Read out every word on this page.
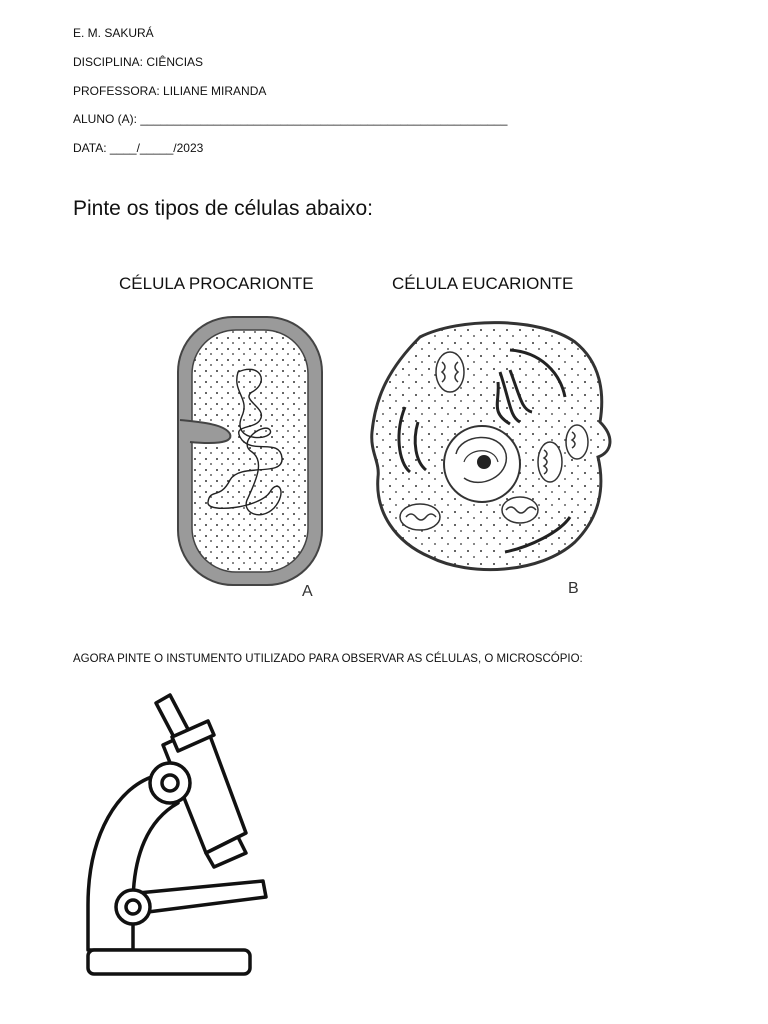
E. M. SAKURÁ
DISCIPLINA: CIÊNCIAS
PROFESSORA: LILIANE MIRANDA
ALUNO (A): _______________________________________________________
DATA: ____/_____/2023
Pinte os tipos de células abaixo:
CÉLULA PROCARIONTE	CÉLULA EUCARIONTE
A	B
AGORA PINTE O INSTUMENTO UTILIZADO PARA OBSERVAR AS CÉLULAS, O MICROSCÓPIO:
